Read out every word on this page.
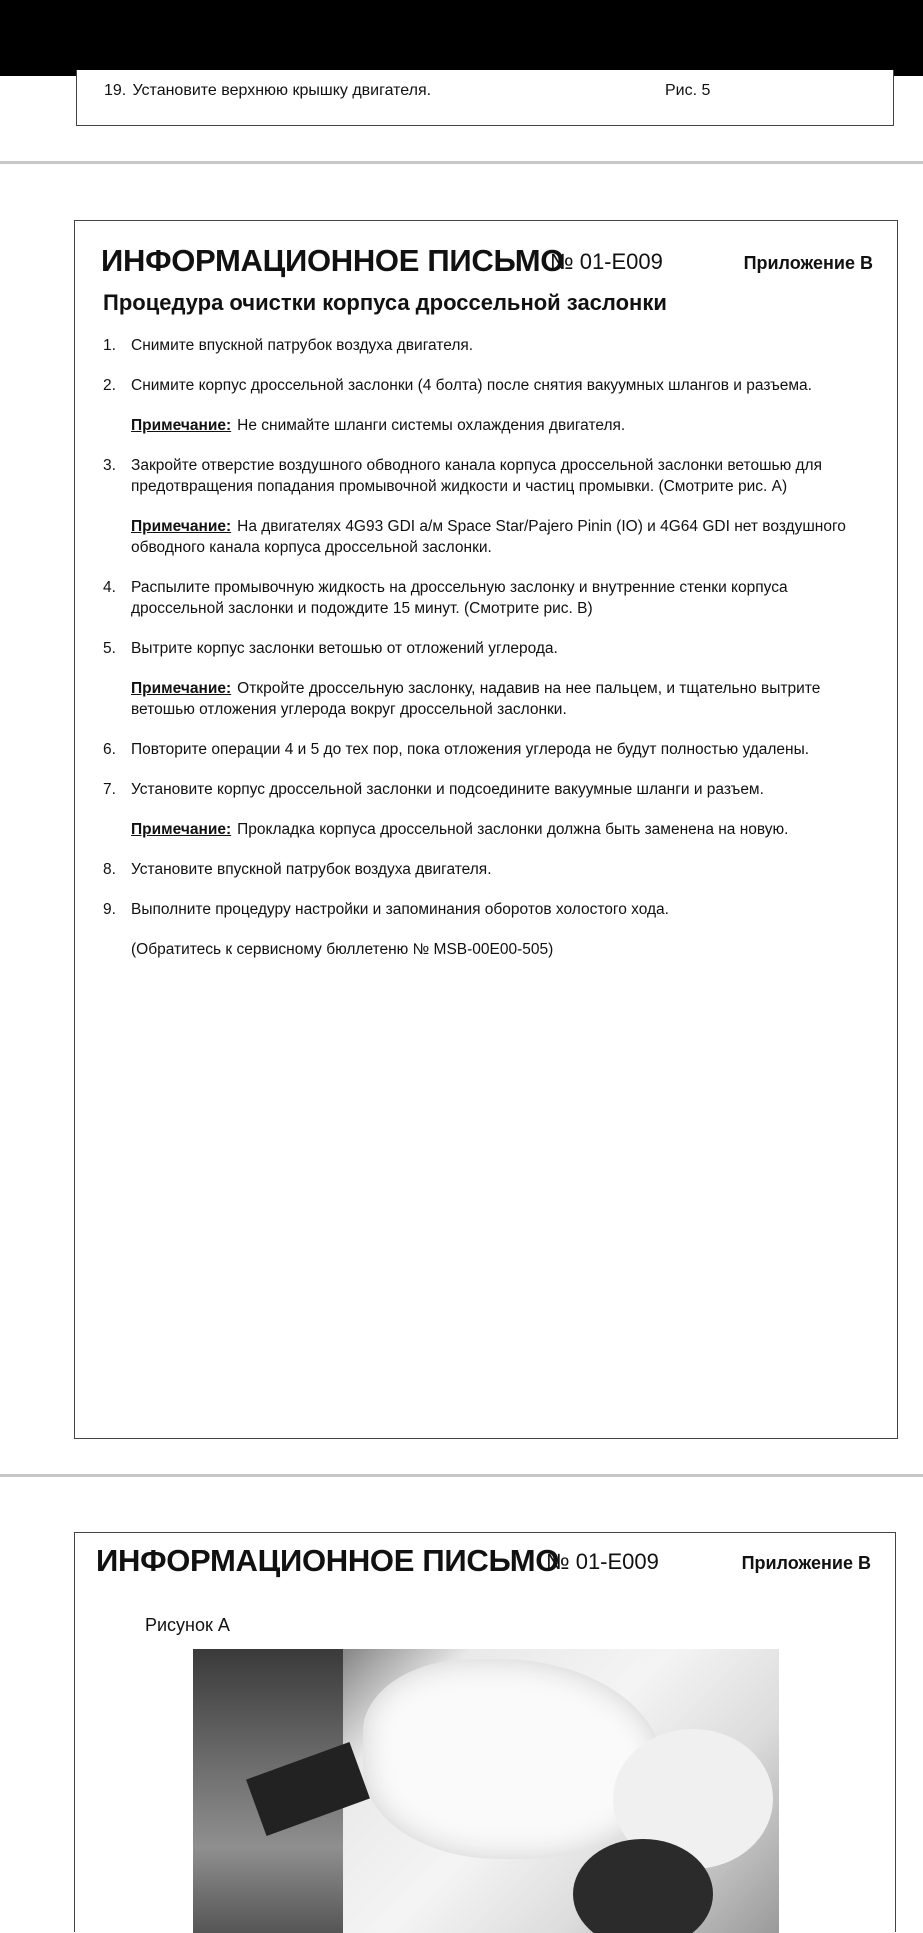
19. Установите верхнюю крышку двигателя.	Рис. 5
ИНФОРМАЦИОННОЕ ПИСЬМО
№ 01-E009	Приложение В
Процедура очистки корпуса дроссельной заслонки
1. Снимите впускной патрубок воздуха двигателя.
2. Снимите корпус дроссельной заслонки (4 болта) после снятия вакуумных шлангов и разъема.
Примечание: Не снимайте шланги системы охлаждения двигателя.
3. Закройте отверстие воздушного обводного канала корпуса дроссельной заслонки ветошью для предотвращения попадания промывочной жидкости и частиц промывки. (Смотрите рис. А)
Примечание: На двигателях 4G93 GDI а/м Space Star/Pajero Pinin (IO) и 4G64 GDI нет воздушного обводного канала корпуса дроссельной заслонки.
4. Распылите промывочную жидкость на дроссельную заслонку и внутренние стенки корпуса дроссельной заслонки и подождите 15 минут. (Смотрите рис. В)
5. Вытрите корпус заслонки ветошью от отложений углерода.
Примечание: Откройте дроссельную заслонку, надавив на нее пальцем, и тщательно вытрите ветошью отложения углерода вокруг дроссельной заслонки.
6. Повторите операции 4 и 5 до тех пор, пока отложения углерода не будут полностью удалены.
7. Установите корпус дроссельной заслонки и подсоедините вакуумные шланги и разъем.
Примечание: Прокладка корпуса дроссельной заслонки должна быть заменена на новую.
8. Установите впускной патрубок воздуха двигателя.
9. Выполните процедуру настройки и запоминания оборотов холостого хода.
(Обратитесь к сервисному бюллетеню № MSB-00E00-505)
ИНФОРМАЦИОННОЕ ПИСЬМО
№ 01-E009	Приложение В
Рисунок А
